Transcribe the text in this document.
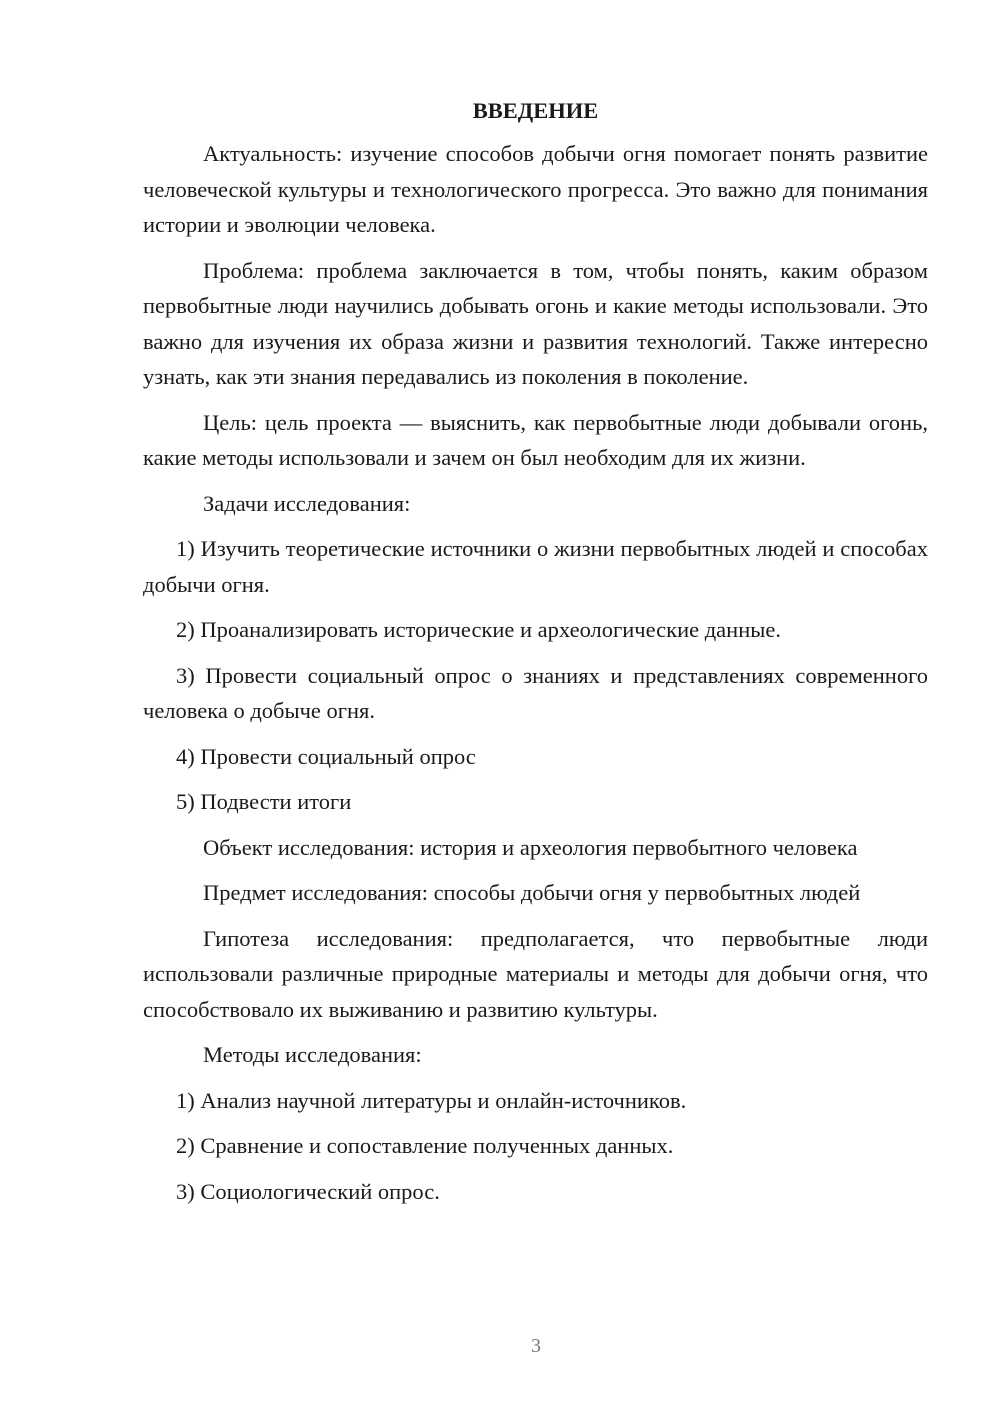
ВВЕДЕНИЕ

Актуальность: изучение способов добычи огня помогает понять развитие человеческой культуры и технологического прогресса. Это важно для понимания истории и эволюции человека.

Проблема: проблема заключается в том, чтобы понять, каким образом первобытные люди научились добывать огонь и какие методы использовали. Это важно для изучения их образа жизни и развития технологий. Также интересно узнать, как эти знания передавались из поколения в поколение.

Цель: цель проекта — выяснить, как первобытные люди добывали огонь, какие методы использовали и зачем он был необходим для их жизни.

Задачи исследования:

1) Изучить теоретические источники о жизни первобытных людей и способах добычи огня.

2) Проанализировать исторические и археологические данные.

3) Провести социальный опрос о знаниях и представлениях современного человека о добыче огня.

4) Провести социальный опрос

5) Подвести итоги

Объект исследования: история и археология первобытного человека

Предмет исследования: способы добычи огня у первобытных людей

Гипотеза исследования: предполагается, что первобытные люди использовали различные природные материалы и методы для добычи огня, что способствовало их выживанию и развитию культуры.

Методы исследования:

1) Анализ научной литературы и онлайн-источников.

2) Сравнение и сопоставление полученных данных.

3) Социологический опрос.

3
